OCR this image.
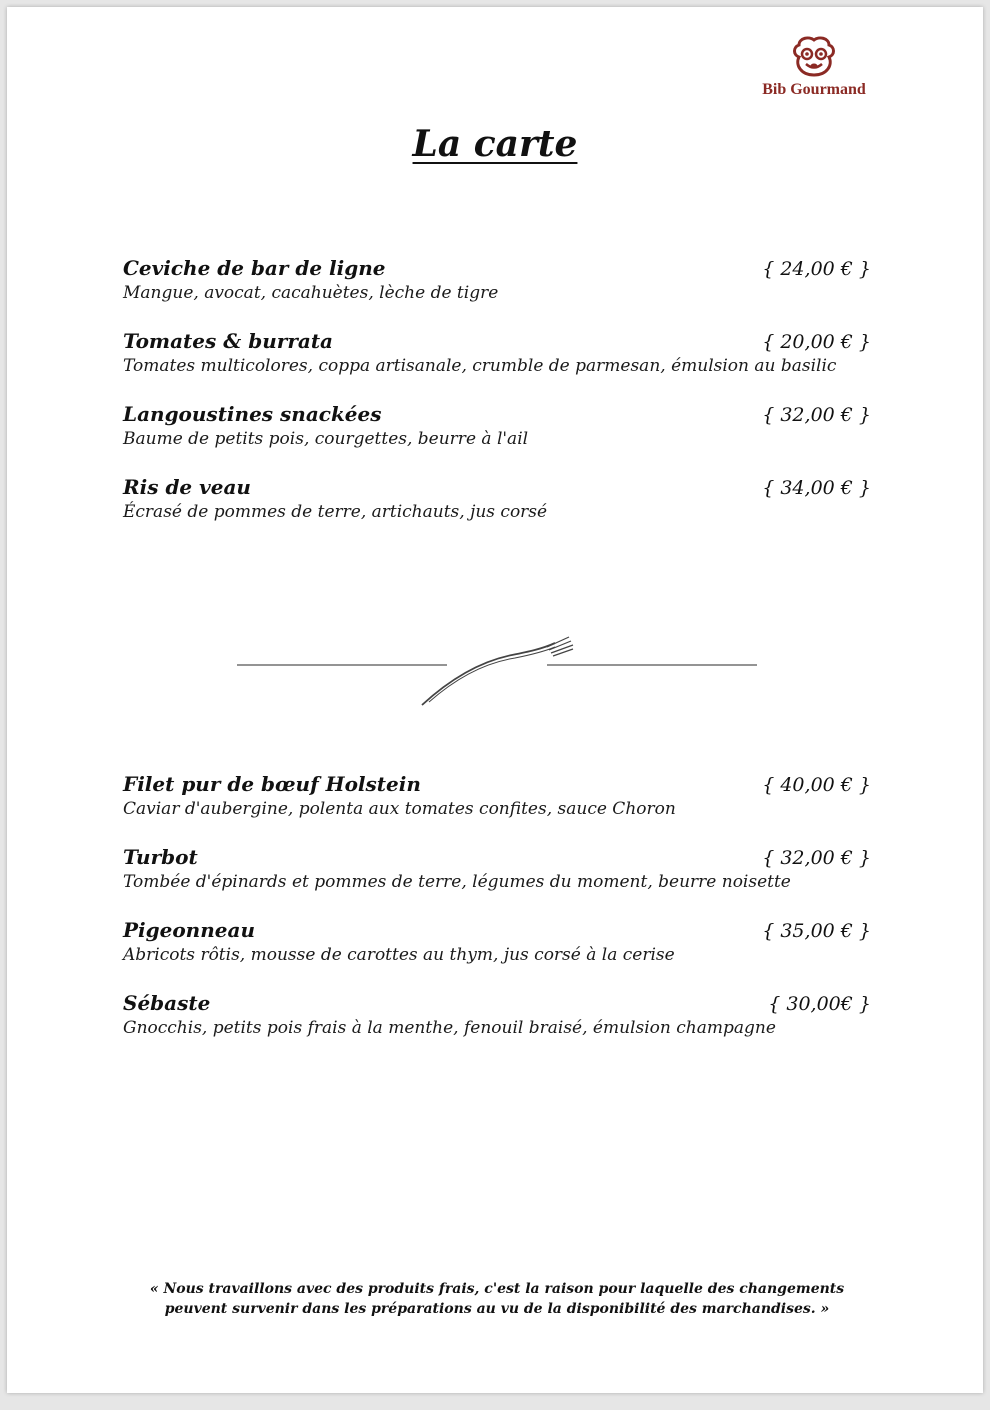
Bib Gourmand
La carte
Ceviche de bar de ligne	{ 24,00 € }
Mangue, avocat, cacahuètes, lèche de tigre
Tomates & burrata	{ 20,00 € }
Tomates multicolores, coppa artisanale, crumble de parmesan, émulsion au basilic
Langoustines snackées	{ 32,00 € }
Baume de petits pois, courgettes, beurre à l'ail
Ris de veau	{ 34,00 € }
Écrasé de pommes de terre, artichauts, jus corsé
Filet pur de bœuf Holstein	{ 40,00 € }
Caviar d'aubergine, polenta aux tomates confites, sauce Choron
Turbot	{ 32,00 € }
Tombée d'épinards et pommes de terre, légumes du moment, beurre noisette
Pigeonneau	{ 35,00 € }
Abricots rôtis, mousse de carottes au thym, jus corsé à la cerise
Sébaste	{ 30,00€ }
Gnocchis, petits pois frais à la menthe, fenouil braisé, émulsion champagne
« Nous travaillons avec des produits frais, c'est la raison pour laquelle des changements
peuvent survenir dans les préparations au vu de la disponibilité des marchandises. »
